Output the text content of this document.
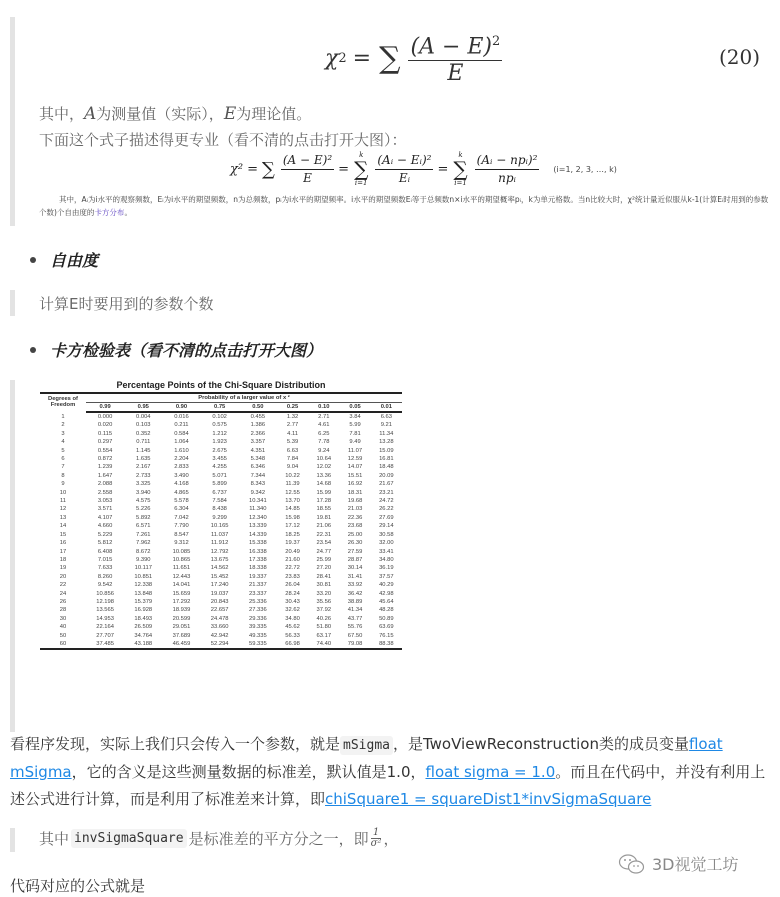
χ 2 = ∑ $\frac{(A - E)^2}{E}$	(20)
其中，A为测量值（实际），E为理论值。
下面这个式子描述得更专业（看不清的点击打开大图）：
χ² = ∑ $\frac{\text{(A − E)²}}{E}$ =
k
∑
$i=1 \frac{\text{(Aᵢ − Eᵢ)²}}{\text{Eᵢ}}$ =
k
∑
$i=1 \frac{\text{(Aᵢ − npᵢ)²}}{\text{npᵢ}} (i=1$, 2, 3, …, k)
其中，Aᵢ为i水平的观察频数，Eᵢ为i水平的期望频数，n为总频数，pᵢ为i水平的期望频率。i水平的期望频数Eᵢ等于总频数n×i水平的期望概率pᵢ，k为单元格数。当n比较大时，χ²统计量近似服从k-1(计算Eᵢ时用到的参数个数)个自由度的卡方分布。
自由度
计算E时要用到的参数个数
卡方检验表（看不清的点击打开大图）
Percentage Points of the Chi-Square Distribution
Degrees of
Freedom	Probability of a larger value of x ²								
	0.99	0.95	0.90	0.75	0.50	0.25	0.10	0.05	0.01
1	0.000	0.004	0.016	0.102	0.455	1.32	2.71	3.84	6.63
2	0.020	0.103	0.211	0.575	1.386	2.77	4.61	5.99	9.21
3	0.115	0.352	0.584	1.212	2.366	4.11	6.25	7.81	11.34
4	0.297	0.711	1.064	1.923	3.357	5.39	7.78	9.49	13.28
5	0.554	1.145	1.610	2.675	4.351	6.63	9.24	11.07	15.09
6	0.872	1.635	2.204	3.455	5.348	7.84	10.64	12.59	16.81
7	1.239	2.167	2.833	4.255	6.346	9.04	12.02	14.07	18.48
8	1.647	2.733	3.490	5.071	7.344	10.22	13.36	15.51	20.09
9	2.088	3.325	4.168	5.899	8.343	11.39	14.68	16.92	21.67
10	2.558	3.940	4.865	6.737	9.342	12.55	15.99	18.31	23.21
11	3.053	4.575	5.578	7.584	10.341	13.70	17.28	19.68	24.72
12	3.571	5.226	6.304	8.438	11.340	14.85	18.55	21.03	26.22
13	4.107	5.892	7.042	9.299	12.340	15.98	19.81	22.36	27.69
14	4.660	6.571	7.790	10.165	13.339	17.12	21.06	23.68	29.14
15	5.229	7.261	8.547	11.037	14.339	18.25	22.31	25.00	30.58
16	5.812	7.962	9.312	11.912	15.338	19.37	23.54	26.30	32.00
17	6.408	8.672	10.085	12.792	16.338	20.49	24.77	27.59	33.41
18	7.015	9.390	10.865	13.675	17.338	21.60	25.99	28.87	34.80
19	7.633	10.117	11.651	14.562	18.338	22.72	27.20	30.14	36.19
20	8.260	10.851	12.443	15.452	19.337	23.83	28.41	31.41	37.57
22	9.542	12.338	14.041	17.240	21.337	26.04	30.81	33.92	40.29
24	10.856	13.848	15.659	19.037	23.337	28.24	33.20	36.42	42.98
26	12.198	15.379	17.292	20.843	25.336	30.43	35.56	38.89	45.64
28	13.565	16.928	18.939	22.657	27.336	32.62	37.92	41.34	48.28
30	14.953	18.493	20.599	24.478	29.336	34.80	40.26	43.77	50.89
40	22.164	26.509	29.051	33.660	39.335	45.62	51.80	55.76	63.69
50	27.707	34.764	37.689	42.942	49.335	56.33	63.17	67.50	76.15
60	37.485	43.188	46.459	52.294	59.335	66.98	74.40	79.08	88.38
看程序发现，实际上我们只会传入一个参数，就是 mSigma ，是TwoViewReconstruction类的成员变量float mSigma，它的含义是这些测量数据的标准差，默认值是1.0，float sigma = 1.0。而且在代码中，并没有利用上述公式进行计算，而是利用了标准差来计算，即chiSquare1 = squareDist1*invSigmaSquare
其中 invSigmaSquare 是标准差的平方分之一，即 $\frac{1}{\text{σ²}}$ ，
3D视觉工坊
代码对应的公式就是
